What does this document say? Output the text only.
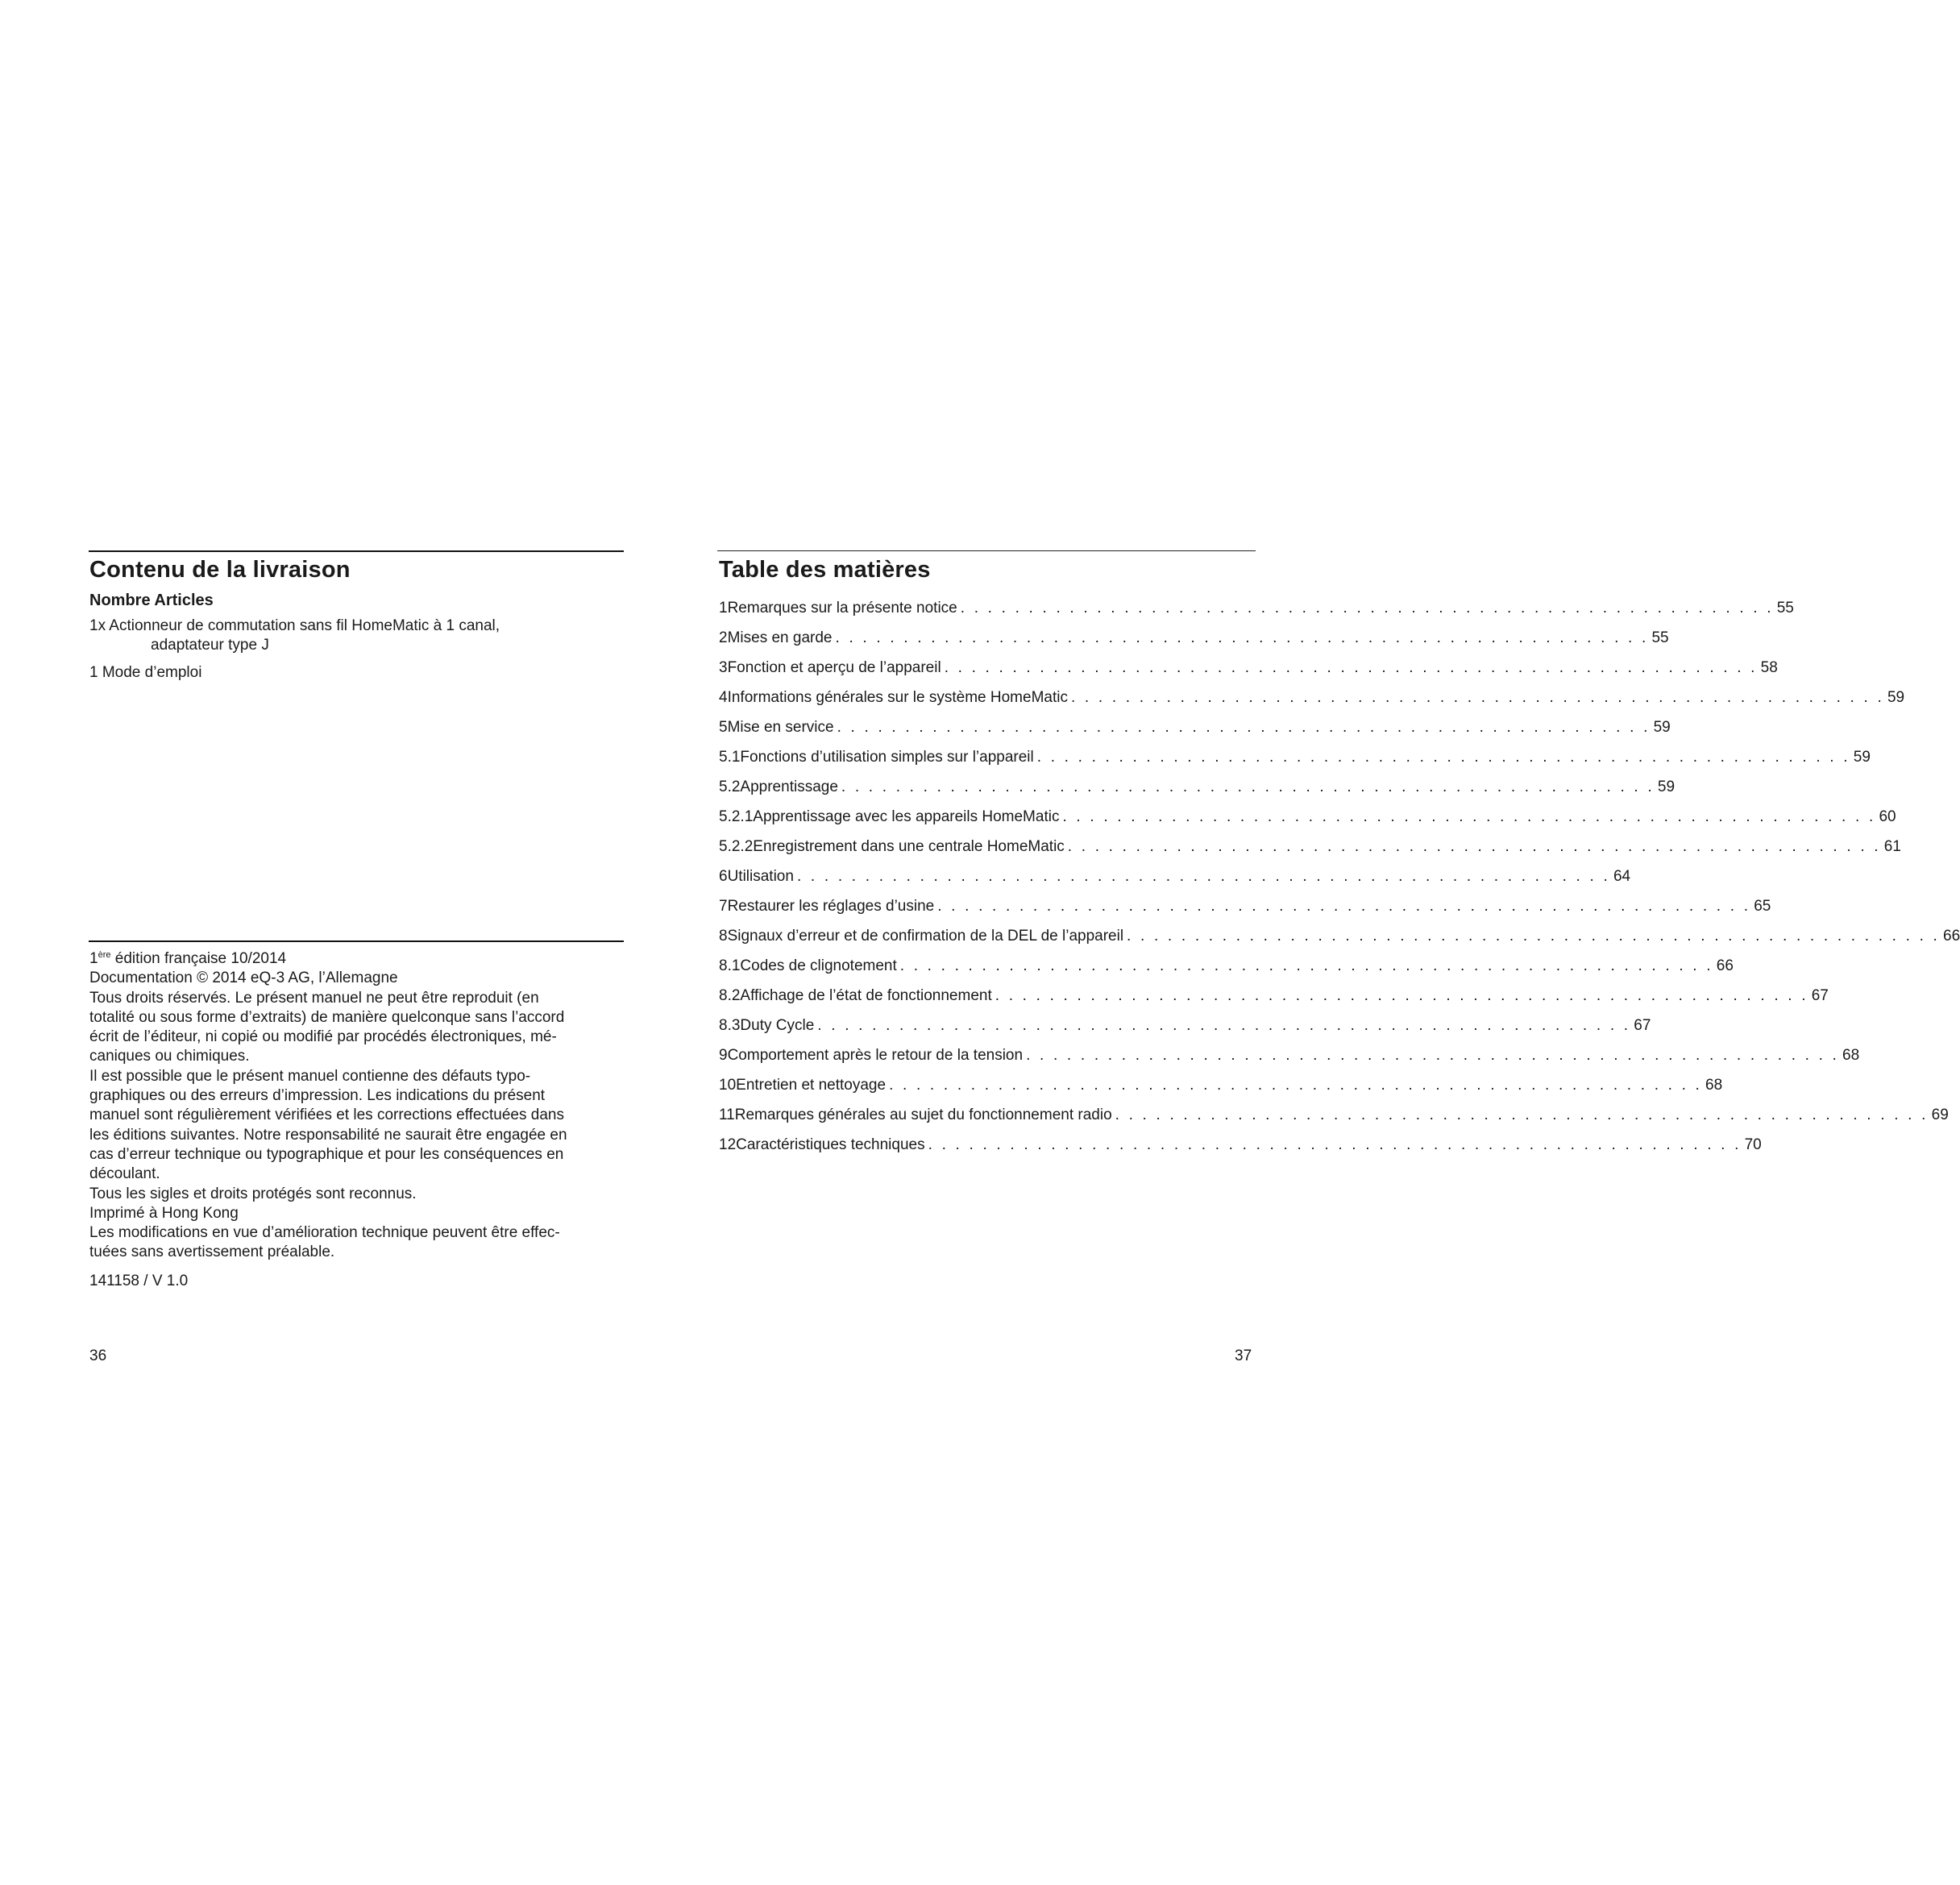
Contenu de la livraison
Nombre Articles
1x Actionneur de commutation sans fil HomeMatic à 1 canal,
adaptateur type J
1 Mode d’emploi

1ère édition française 10/2014

Documentation © 2014 eQ-3 AG, l’Allemagne

Tous droits réservés. Le présent manuel ne peut être reproduit (en

totalité ou sous forme d’extraits) de manière quelconque sans l’accord

écrit de l’éditeur, ni copié ou modifié par procédés électroniques, mé-

caniques ou chimiques.

Il est possible que le présent manuel contienne des défauts typo-

graphiques ou des erreurs d’impression. Les indications du présent

manuel sont régulièrement vérifiées et les corrections effectuées dans

les éditions suivantes. Notre responsabilité ne saurait être engagée en

cas d’erreur technique ou typographique et pour les conséquences en

découlant.

Tous les sigles et droits protégés sont reconnus.

Imprimé à Hong Kong

Les modifications en vue d’amélioration technique peuvent être effec-

tuées sans avertissement préalable.

141158 / V 1.0
36
Table des matières
1 Remarques sur la présente notice . . . . . . . . . . . . . . . . . . . . . . . . . . . . . . . . . . . . . . . . . . . . . . . . . . . . . . . . . . . . 55
2 Mises en garde . . . . . . . . . . . . . . . . . . . . . . . . . . . . . . . . . . . . . . . . . . . . . . . . . . . . . . . . . . . . 55
3 Fonction et aperçu de l’appareil . . . . . . . . . . . . . . . . . . . . . . . . . . . . . . . . . . . . . . . . . . . . . . . . . . . . . . . . . . . . 58
4 Informations générales sur le système HomeMatic . . . . . . . . . . . . . . . . . . . . . . . . . . . . . . . . . . . . . . . . . . . . . . . . . . . . . . . . . . . . 59
5 Mise en service . . . . . . . . . . . . . . . . . . . . . . . . . . . . . . . . . . . . . . . . . . . . . . . . . . . . . . . . . . . . 59
5.1 Fonctions d’utilisation simples sur l’appareil . . . . . . . . . . . . . . . . . . . . . . . . . . . . . . . . . . . . . . . . . . . . . . . . . . . . . . . . . . . . 59
5.2 Apprentissage . . . . . . . . . . . . . . . . . . . . . . . . . . . . . . . . . . . . . . . . . . . . . . . . . . . . . . . . . . . . 59
5.2.1 Apprentissage avec les appareils HomeMatic . . . . . . . . . . . . . . . . . . . . . . . . . . . . . . . . . . . . . . . . . . . . . . . . . . . . . . . . . . . . 60
5.2.2 Enregistrement dans une centrale HomeMatic . . . . . . . . . . . . . . . . . . . . . . . . . . . . . . . . . . . . . . . . . . . . . . . . . . . . . . . . . . . . 61
6 Utilisation . . . . . . . . . . . . . . . . . . . . . . . . . . . . . . . . . . . . . . . . . . . . . . . . . . . . . . . . . . . . 64
7 Restaurer les réglages d’usine . . . . . . . . . . . . . . . . . . . . . . . . . . . . . . . . . . . . . . . . . . . . . . . . . . . . . . . . . . . . 65
8 Signaux d’erreur et de confirmation de la DEL de l’appareil . . . . . . . . . . . . . . . . . . . . . . . . . . . . . . . . . . . . . . . . . . . . . . . . . . . . . . . . . . . . 66
8.1 Codes de clignotement . . . . . . . . . . . . . . . . . . . . . . . . . . . . . . . . . . . . . . . . . . . . . . . . . . . . . . . . . . . . 66
8.2 Affichage de l’état de fonctionnement . . . . . . . . . . . . . . . . . . . . . . . . . . . . . . . . . . . . . . . . . . . . . . . . . . . . . . . . . . . . 67
8.3 Duty Cycle . . . . . . . . . . . . . . . . . . . . . . . . . . . . . . . . . . . . . . . . . . . . . . . . . . . . . . . . . . . . 67
9 Comportement après le retour de la tension . . . . . . . . . . . . . . . . . . . . . . . . . . . . . . . . . . . . . . . . . . . . . . . . . . . . . . . . . . . . 68
10 Entretien et nettoyage . . . . . . . . . . . . . . . . . . . . . . . . . . . . . . . . . . . . . . . . . . . . . . . . . . . . . . . . . . . . 68
11 Remarques générales au sujet du fonctionnement radio . . . . . . . . . . . . . . . . . . . . . . . . . . . . . . . . . . . . . . . . . . . . . . . . . . . . . . . . . . . . 69
12 Caractéristiques techniques . . . . . . . . . . . . . . . . . . . . . . . . . . . . . . . . . . . . . . . . . . . . . . . . . . . . . . . . . . . . 70
37
